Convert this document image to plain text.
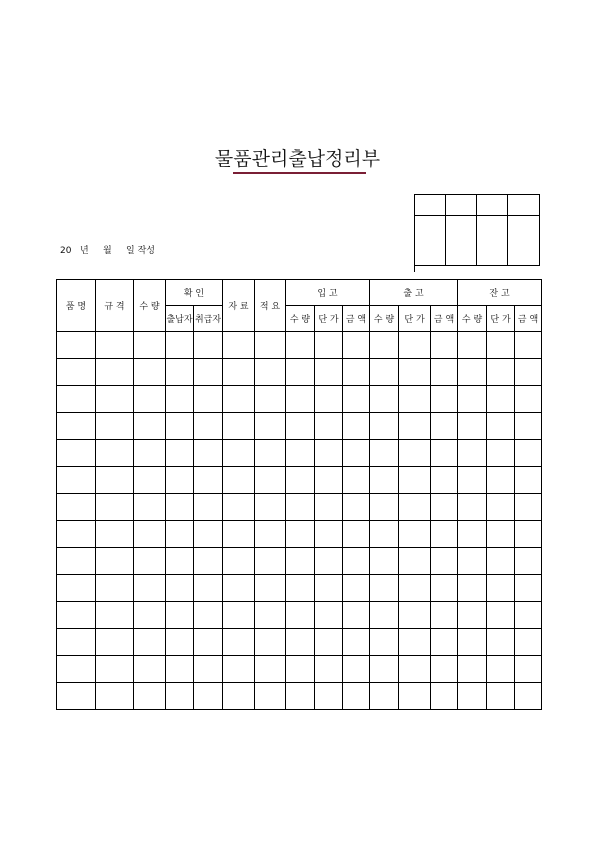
물품관리출납정리부

20   년     월     일 작성
품 명	규 격	수 량	확 인		자 료	적 요	입 고			출 고			잔 고		
			출납자	취급자			수 량	단 가	금 액	수 량	단 가	금 액	수 량	단 가	금 액
